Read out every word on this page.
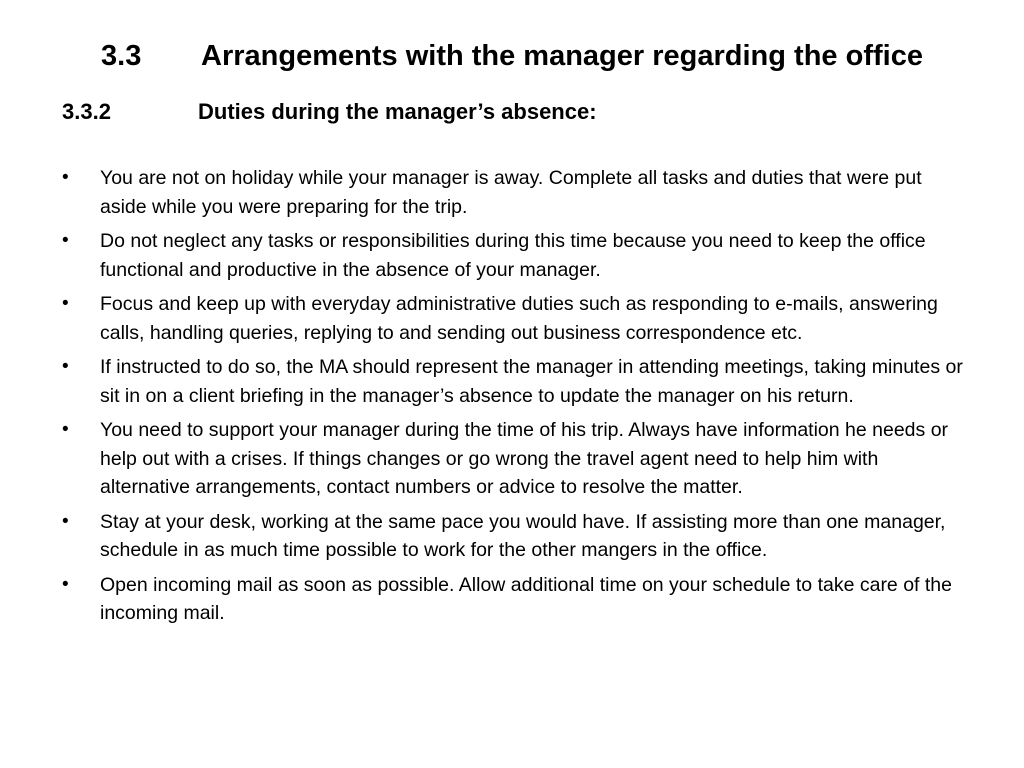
3.3 Arrangements with the manager regarding the office
3.3.2	Duties during the manager’s absence:
• You are not on holiday while your manager is away. Complete all tasks and duties that were put aside while you were preparing for the trip.
• Do not neglect any tasks or responsibilities during this time because you need to keep the office functional and productive in the absence of your manager.
• Focus and keep up with everyday administrative duties such as responding to e-mails, answering calls, handling queries, replying to and sending out business correspondence etc.
• If instructed to do so, the MA should represent the manager in attending meetings, taking minutes or sit in on a client briefing in the manager’s absence to update the manager on his return.
• You need to support your manager during the time of his trip. Always have information he needs or help out with a crises. If things changes or go wrong the travel agent need to help him with alternative arrangements, contact numbers or advice to resolve the matter.
• Stay at your desk, working at the same pace you would have. If assisting more than one manager, schedule in as much time possible to work for the other mangers in the office.
• Open incoming mail as soon as possible. Allow additional time on your schedule to take care of the incoming mail.
